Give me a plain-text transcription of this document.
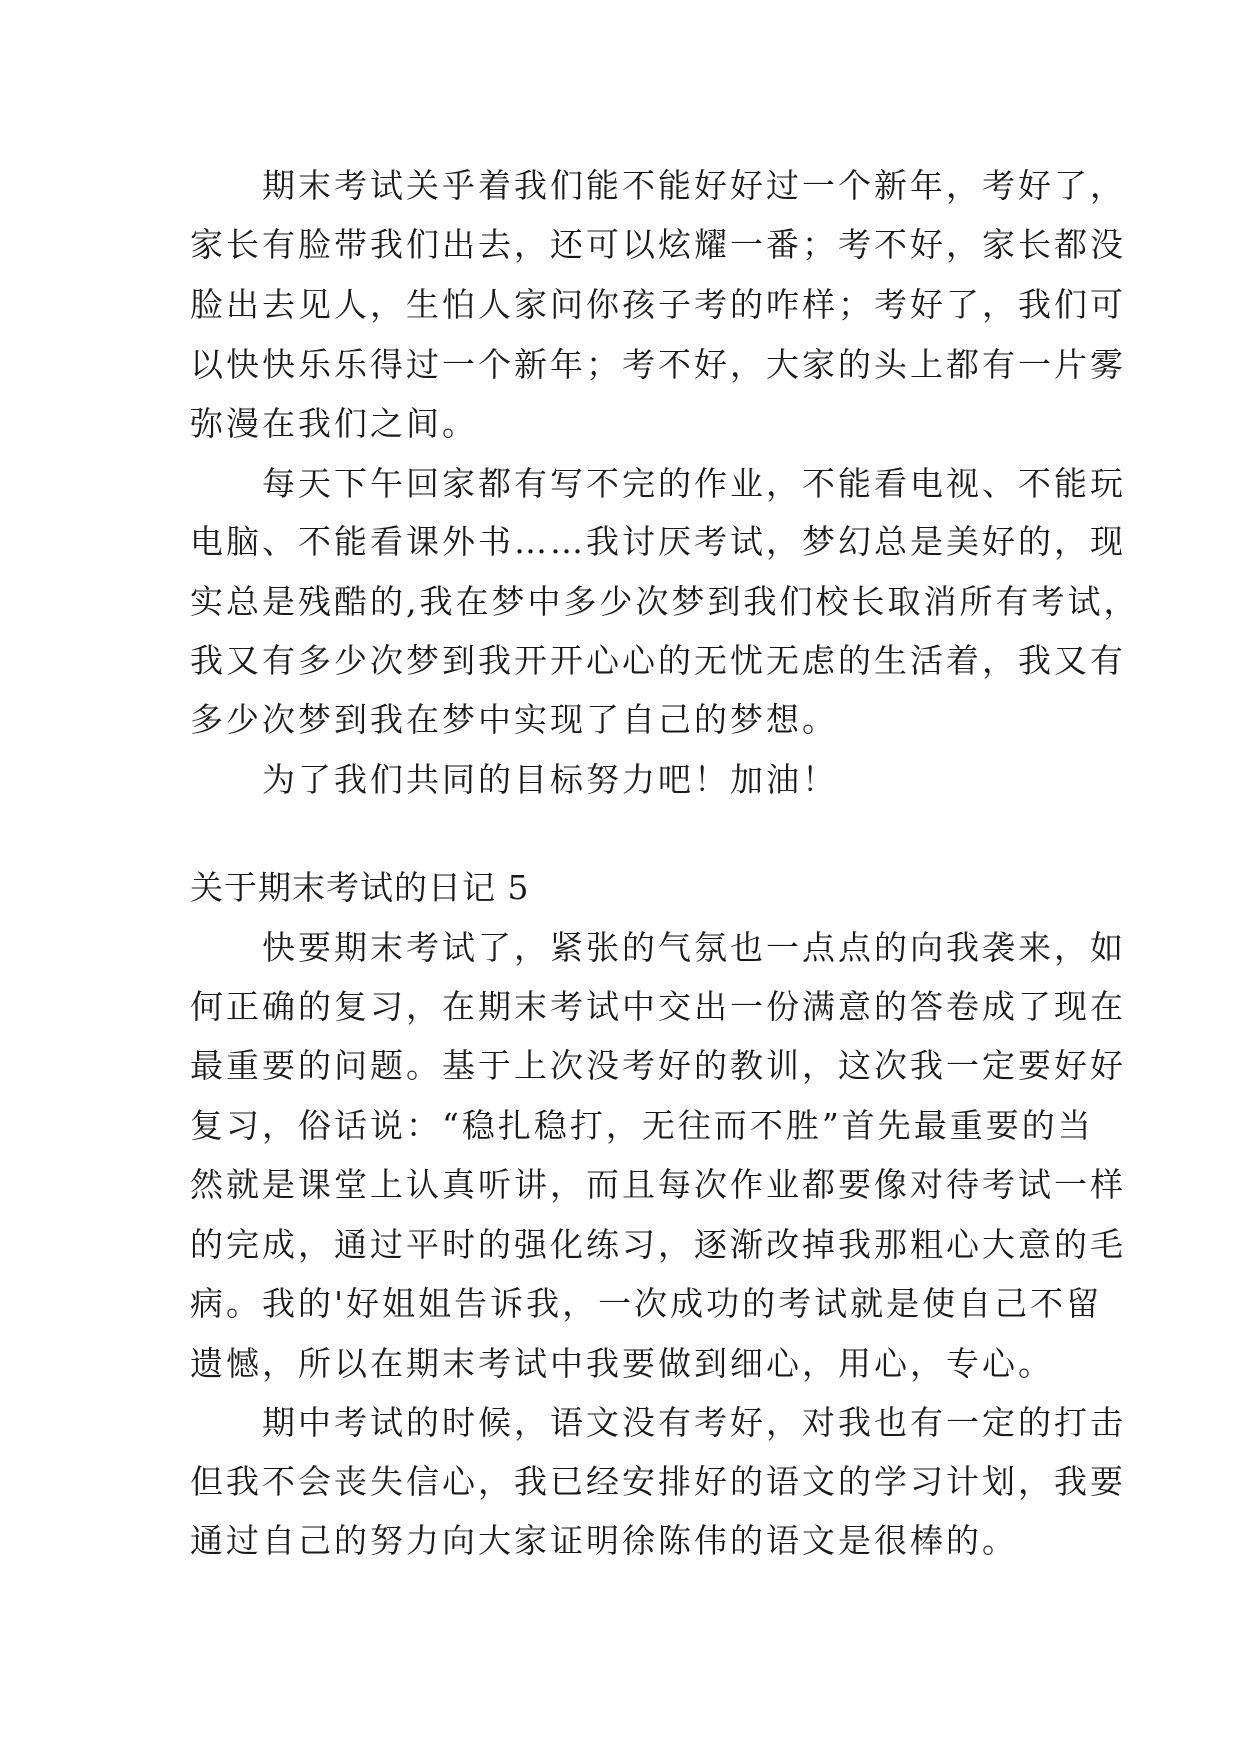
　　期末考试关乎着我们能不能好好过一个新年，考好了，
家长有脸带我们出去，还可以炫耀一番；考不好，家长都没
脸出去见人，生怕人家问你孩子考的咋样；考好了，我们可
以快快乐乐得过一个新年；考不好，大家的头上都有一片雾
弥漫在我们之间。
　　每天下午回家都有写不完的作业，不能看电视、不能玩
电脑、不能看课外书……我讨厌考试，梦幻总是美好的，现
实总是残酷的,我在梦中多少次梦到我们校长取消所有考试，
我又有多少次梦到我开开心心的无忧无虑的生活着，我又有
多少次梦到我在梦中实现了自己的梦想。
　　为了我们共同的目标努力吧！加油！
关于期末考试的日记 5
　　快要期末考试了，紧张的气氛也一点点的向我袭来，如
何正确的复习，在期末考试中交出一份满意的答卷成了现在
最重要的问题。基于上次没考好的教训，这次我一定要好好
复习，俗话说：“稳扎稳打，无往而不胜”首先最重要的当
然就是课堂上认真听讲，而且每次作业都要像对待考试一样
的完成，通过平时的强化练习，逐渐改掉我那粗心大意的毛
病。我的'好姐姐告诉我，一次成功的考试就是使自己不留
遗憾，所以在期末考试中我要做到细心，用心，专心。
　　期中考试的时候，语文没有考好，对我也有一定的打击
但我不会丧失信心，我已经安排好的语文的学习计划，我要
通过自己的努力向大家证明徐陈伟的语文是很棒的。
